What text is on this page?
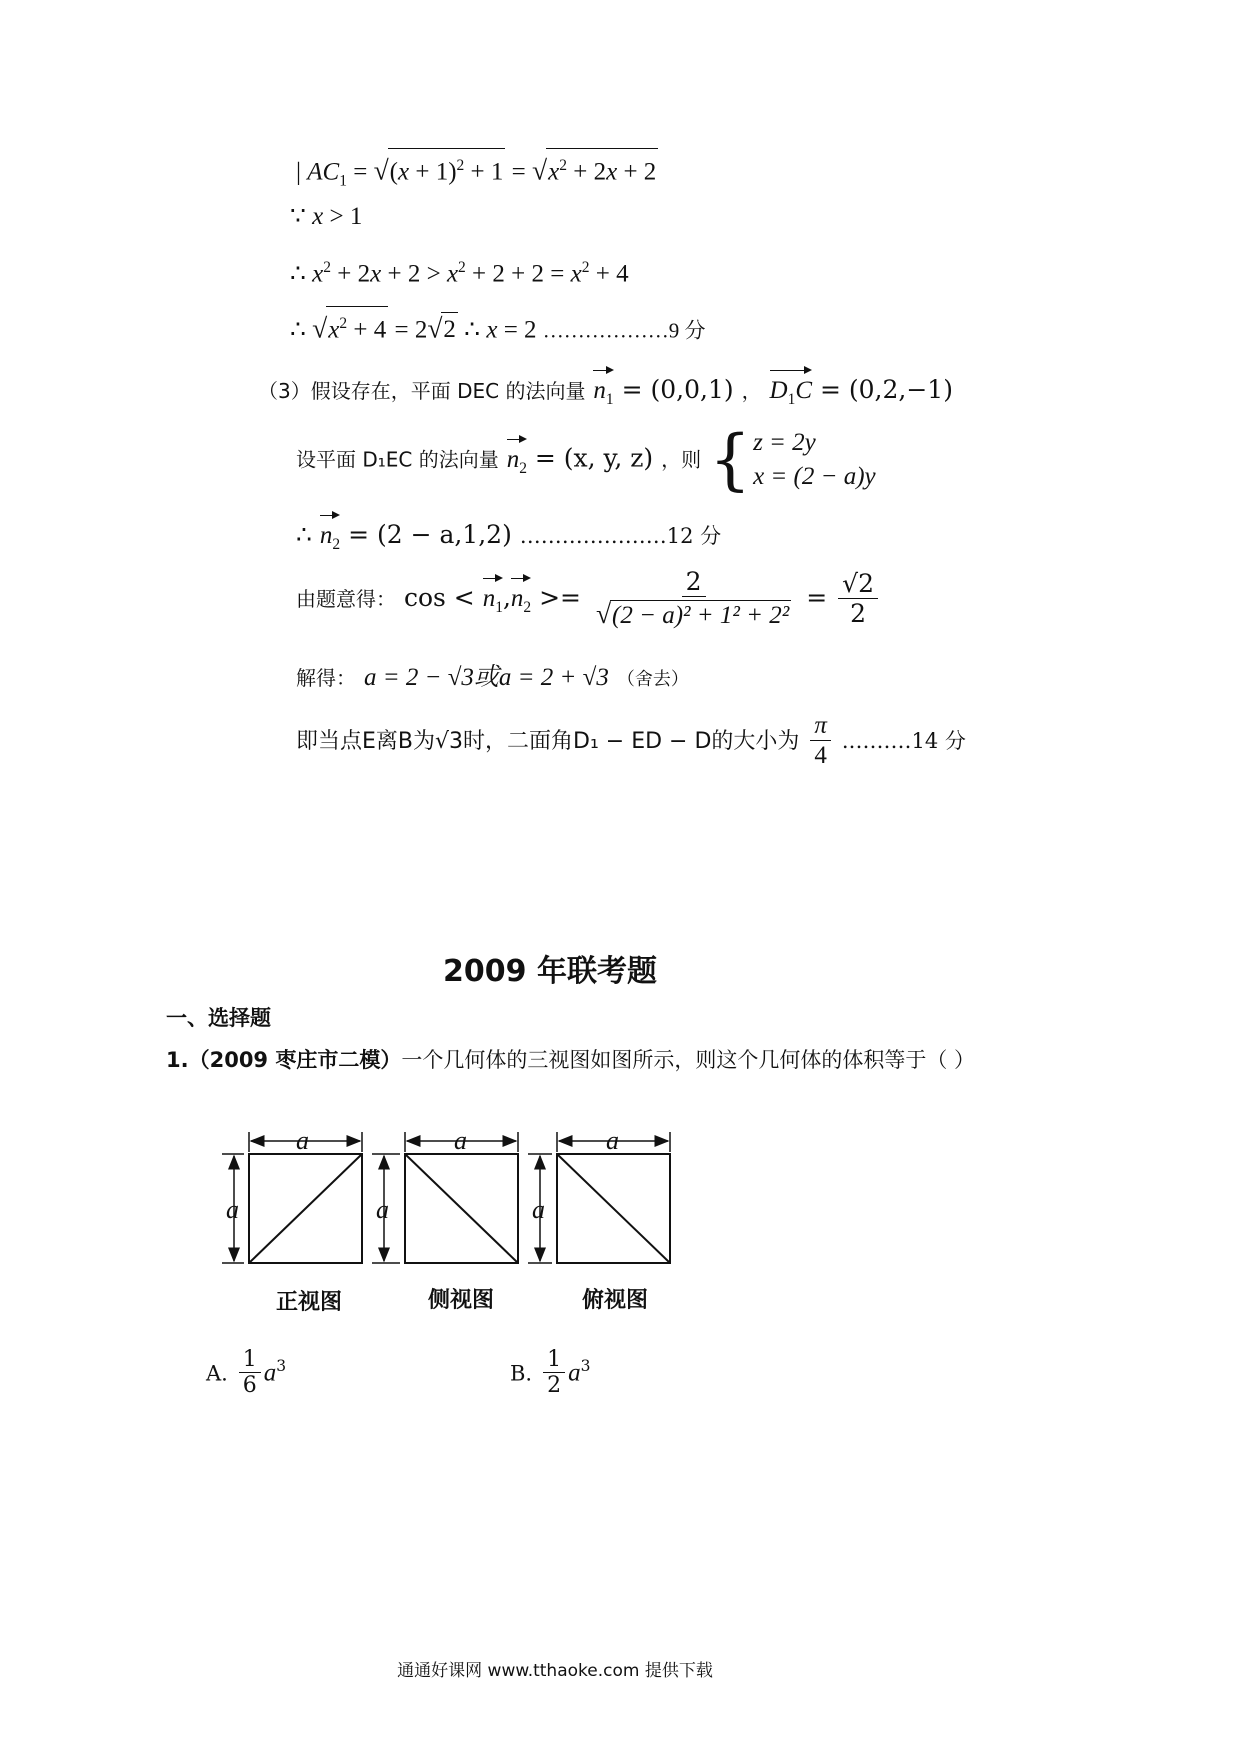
| $AC_1 = √(x + 1)^2 + 1 = √x^2 + 2x + 2$
∵ x > 1
∴ $x^2 + 2x + 2 > x^2 + 2 + 2 = x^2 + 4$
∴ $√x^2 + 4 = 2√2$ ∴ x = 2 ………………9 分
（3）假设存在，平面 DEC 的法向量 $n_1 = (0,0,1)$ ， $D_1C = (0,2,-1)$
设平面 D₁EC 的法向量 $n_2 = (x$, y, z) ，则 { z = 2y
x = (2 − a)y
∴ $n_2 = (2 - a,1,2)$ …………………12 分
由题意得： $\cos < n_1,n_2 >= \frac{2}{\text{√(2 − a)² + 1² + 2²}} = \frac{√2}{2}$
解得： a = 2 − √3或a = 2 + √3 （舍去）
即当点E离B为√3时，二面角D₁ − ED − D的大小为 $\frac{\pi}{4}$ .………14 分
2009 年联考题
一、选择题
1.（2009 枣庄市二模）一个几何体的三视图如图所示，则这个几何体的体积等于（ ）
a
a
a
a
a
a
正视图	侧视图	俯视图
A. $\frac{1}{6} a^3$	B. $\frac{1}{2} a^3$
通通好课网 www.tthaoke.com 提供下载
